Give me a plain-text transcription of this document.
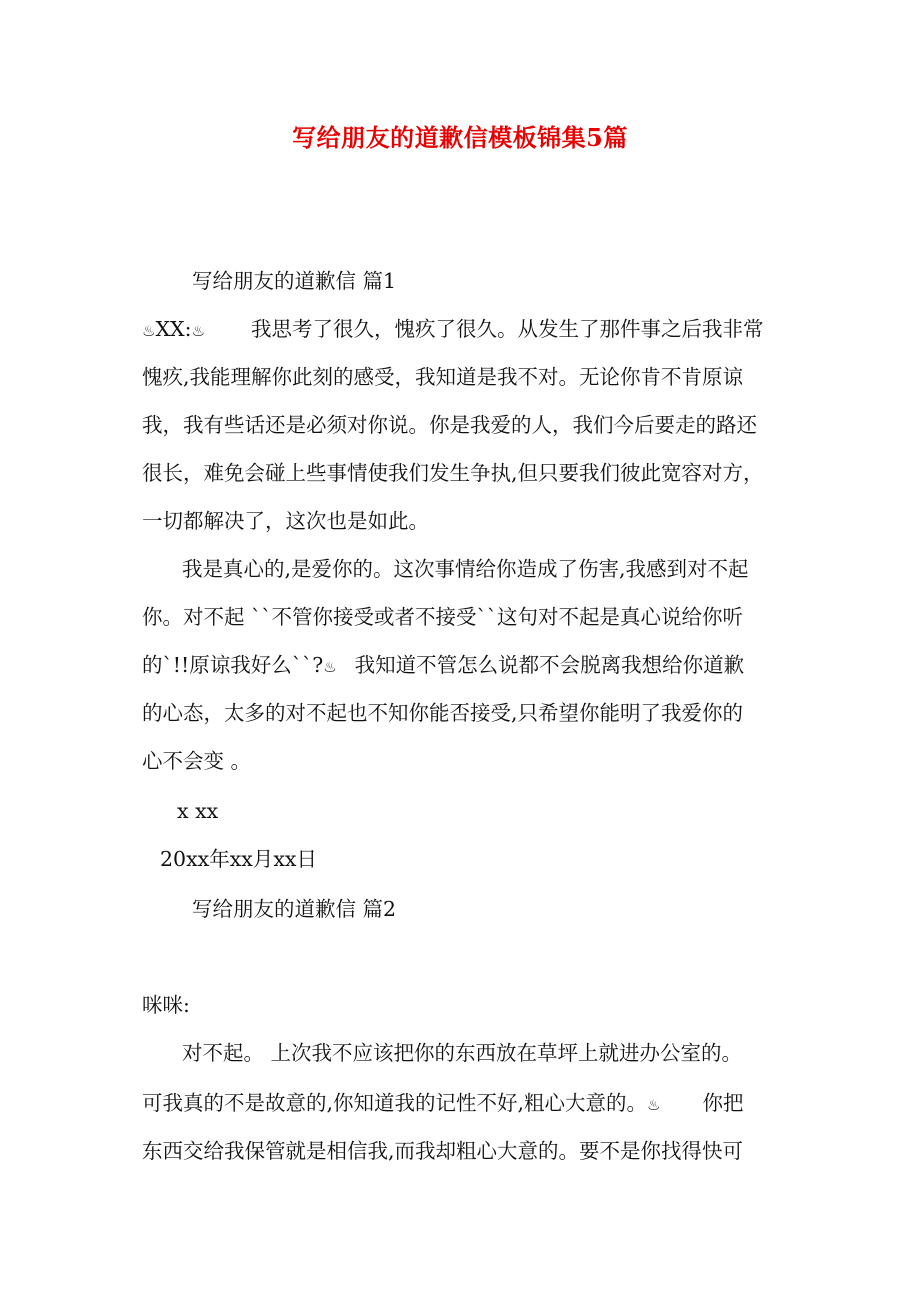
写给朋友的道歉信模板锦集5篇
写给朋友的道歉信 篇1
♨XX:♨ 我思考了很久，愧疚了很久。从发生了那件事之后我非常
愧疚,我能理解你此刻的感受，我知道是我不对。无论你肯不肯原谅
我，我有些话还是必须对你说。你是我爱的人，我们今后要走的路还
很长，难免会碰上些事情使我们发生争执,但只要我们彼此宽容对方，
一切都解决了，这次也是如此。
我是真心的,是爱你的。这次事情给你造成了伤害,我感到对不起
你。对不起 ``不管你接受或者不接受``这句对不起是真心说给你听
的`!!原谅我好么``?♨ 我知道不管怎么说都不会脱离我想给你道歉
的心态，太多的对不起也不知你能否接受,只希望你能明了我爱你的
心不会变 。
x xx
20xx年xx月xx日
写给朋友的道歉信 篇2
咪咪:
对不起。 上次我不应该把你的东西放在草坪上就进办公室的。
可我真的不是故意的,你知道我的记性不好,粗心大意的。♨ 你把
东西交给我保管就是相信我,而我却粗心大意的。要不是你找得快可
